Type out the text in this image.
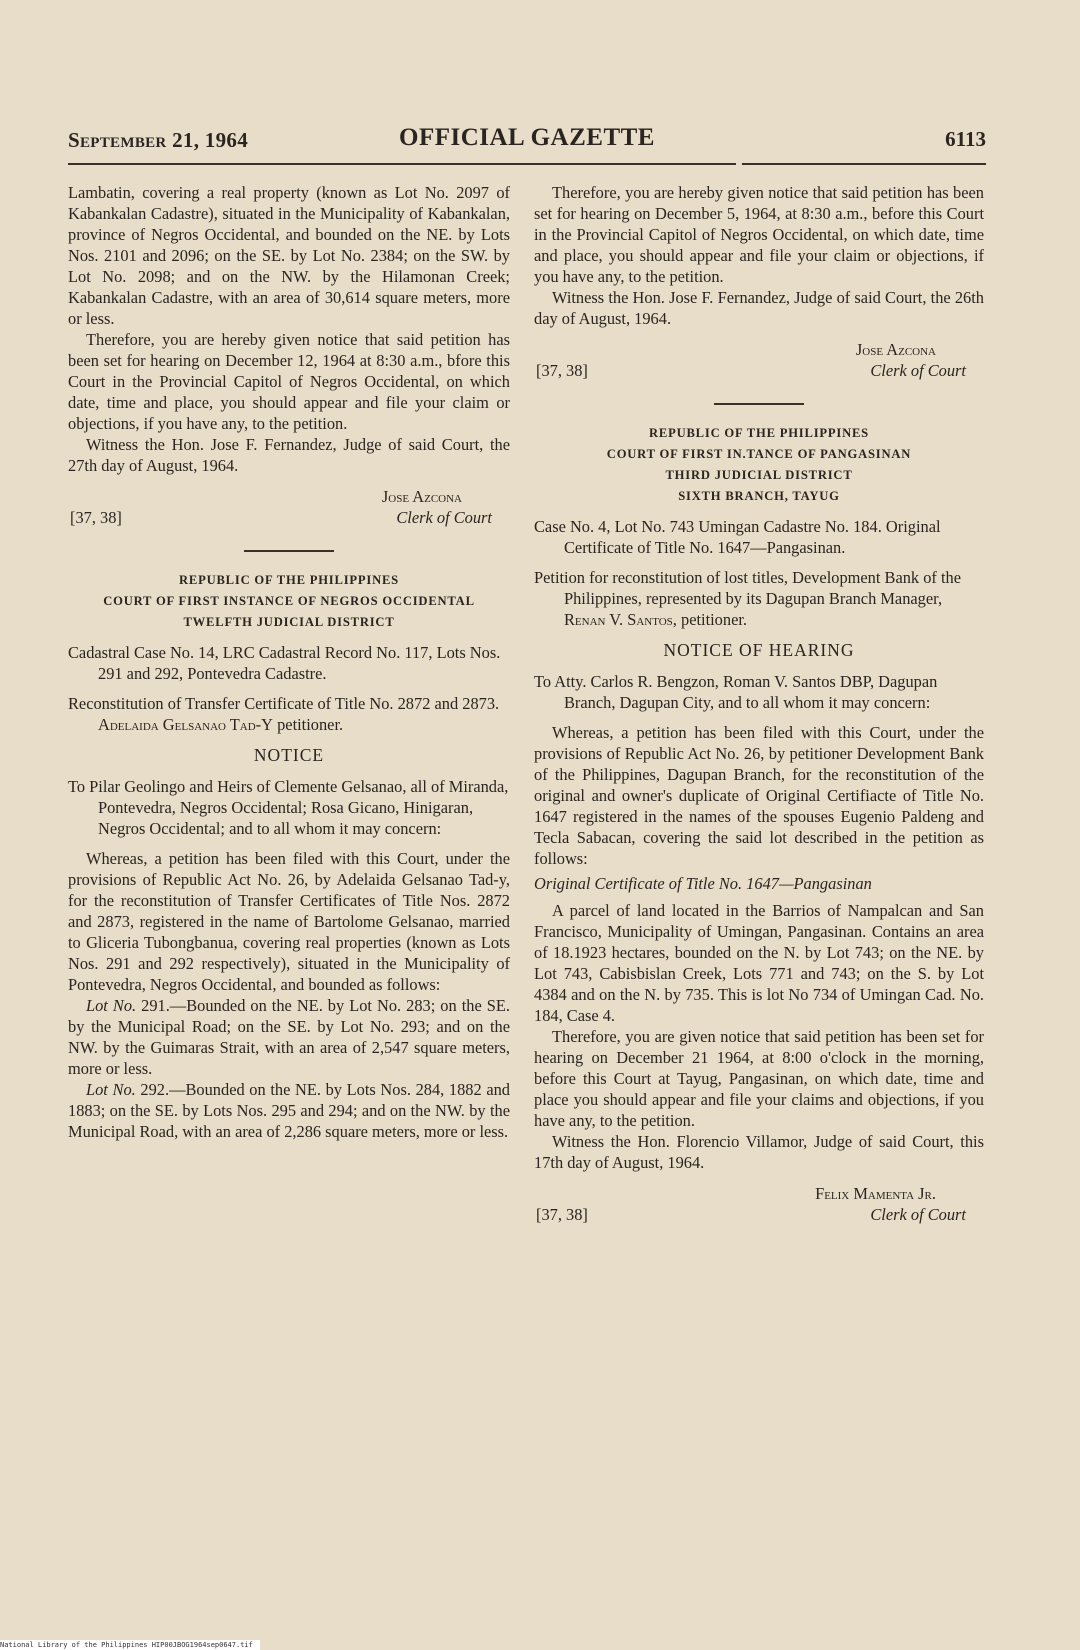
September 21, 1964	OFFICIAL GAZETTE	6113

Lambatin, covering a real property (known as Lot No. 2097 of Kabankalan Cadastre), situated in the Municipality of Kabankalan, province of Negros Occidental, and bounded on the NE. by Lots Nos. 2101 and 2096; on the SE. by Lot No. 2384; on the SW. by Lot No. 2098; and on the NW. by the Hilamonan Creek; Kabankalan Cadastre, with an area of 30,614 square meters, more or less.

Therefore, you are hereby given notice that said petition has been set for hearing on December 12, 1964 at 8:30 a.m., bfore this Court in the Provincial Capitol of Negros Occidental, on which date, time and place, you should appear and file your claim or objections, if you have any, to the petition.

Witness the Hon. Jose F. Fernandez, Judge of said Court, the 27th day of August, 1964.

Jose Azcona
Clerk of Court
[37, 38]
REPUBLIC OF THE PHILIPPINES
COURT OF FIRST INSTANCE OF NEGROS OCCIDENTAL
TWELFTH JUDICIAL DISTRICT

Cadastral Case No. 14, LRC Cadastral Record No. 117, Lots Nos. 291 and 292, Pontevedra Cadastre.

Reconstitution of Transfer Certificate of Title No. 2872 and 2873. Adelaida Gelsanao Tad-Y petitioner.

NOTICE

To Pilar Geolingo and Heirs of Clemente Gelsanao, all of Miranda, Pontevedra, Negros Occidental; Rosa Gicano, Hinigaran, Negros Occidental; and to all whom it may concern:

Whereas, a petition has been filed with this Court, under the provisions of Republic Act No. 26, by Adelaida Gelsanao Tad-y, for the reconstitution of Transfer Certificates of Title Nos. 2872 and 2873, registered in the name of Bartolome Gelsanao, married to Gliceria Tubongbanua, covering real properties (known as Lots Nos. 291 and 292 respectively), situated in the Municipality of Pontevedra, Negros Occidental, and bounded as follows:

Lot No. 291.—Bounded on the NE. by Lot No. 283; on the SE. by the Municipal Road; on the SE. by Lot No. 293; and on the NW. by the Guimaras Strait, with an area of 2,547 square meters, more or less.

Lot No. 292.—Bounded on the NE. by Lots Nos. 284, 1882 and 1883; on the SE. by Lots Nos. 295 and 294; and on the NW. by the Municipal Road, with an area of 2,286 square meters, more or less.

Therefore, you are hereby given notice that said petition has been set for hearing on December 5, 1964, at 8:30 a.m., before this Court in the Provincial Capitol of Negros Occidental, on which date, time and place, you should appear and file your claim or objections, if you have any, to the petition.

Witness the Hon. Jose F. Fernandez, Judge of said Court, the 26th day of August, 1964.

Jose Azcona
Clerk of Court
[37, 38]
REPUBLIC OF THE PHILIPPINES
COURT OF FIRST IN.TANCE OF PANGASINAN
THIRD JUDICIAL DISTRICT
SIXTH BRANCH, TAYUG

Case No. 4, Lot No. 743 Umingan Cadastre No. 184. Original Certificate of Title No. 1647—Pangasinan.

Petition for reconstitution of lost titles, Development Bank of the Philippines, represented by its Dagupan Branch Manager, Renan V. Santos, petitioner.

NOTICE OF HEARING

To Atty. Carlos R. Bengzon, Roman V. Santos DBP, Dagupan Branch, Dagupan City, and to all whom it may concern:

Whereas, a petition has been filed with this Court, under the provisions of Republic Act No. 26, by petitioner Development Bank of the Philippines, Dagupan Branch, for the reconstitution of the original and owner's duplicate of Original Certifiacte of Title No. 1647 registered in the names of the spouses Eugenio Paldeng and Tecla Sabacan, covering the said lot described in the petition as follows:

Original Certificate of Title No. 1647—Pangasinan

A parcel of land located in the Barrios of Nampalcan and San Francisco, Municipality of Umingan, Pangasinan. Contains an area of 18.1923 hectares, bounded on the N. by Lot 743; on the NE. by Lot 743, Cabisbislan Creek, Lots 771 and 743; on the S. by Lot 4384 and on the N. by 735. This is lot No 734 of Umingan Cad. No. 184, Case 4.

Therefore, you are given notice that said petition has been set for hearing on December 21 1964, at 8:00 o'clock in the morning, before this Court at Tayug, Pangasinan, on which date, time and place you should appear and file your claims and objections, if you have any, to the petition.

Witness the Hon. Florencio Villamor, Judge of said Court, this 17th day of August, 1964.

Felix Mamenta Jr.
Clerk of Court
[37, 38]
National Library of the Philippines HIP00JBOG1964sep0647.tif
